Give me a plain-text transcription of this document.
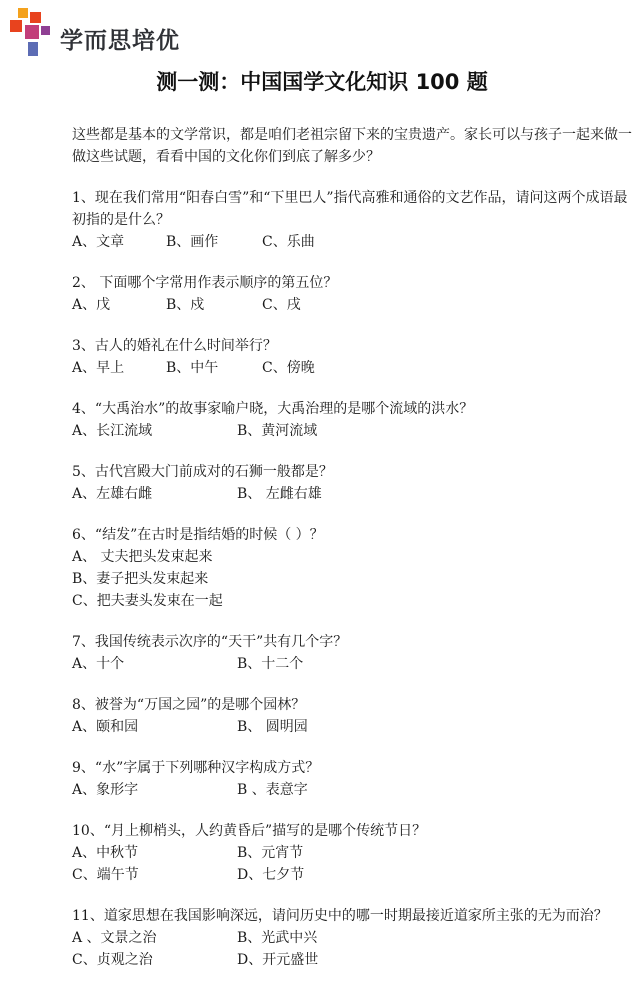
学而思培优
测一测：中国国学文化知识 100 题

这些都是基本的文学常识，都是咱们老祖宗留下来的宝贵遗产。家长可以与孩子一起来做一做这些试题，看看中国的文化你们到底了解多少？

1、现在我们常用“阳春白雪”和“下里巴人”指代高雅和通俗的文艺作品，请问这两个成语最初指的是什么？

A、文章	B、画作	C、乐曲

2、 下面哪个字常用作表示顺序的第五位？

A、戊	B、戍	C、戌

3、古人的婚礼在什么时间举行？

A、早上	B、中午	C、傍晚

4、“大禹治水”的故事家喻户晓，大禹治理的是哪个流域的洪水？

A、长江流域	B、黄河流域

5、古代宫殿大门前成对的石狮一般都是？

A、左雄右雌	B、 左雌右雄

6、“结发”在古时是指结婚的时候（ ）？

A、 丈夫把头发束起来
B、妻子把头发束起来
C、把夫妻头发束在一起

7、我国传统表示次序的“天干”共有几个字？

A、十个	B、十二个

8、被誉为“万国之园”的是哪个园林？

A、颐和园	B、 圆明园

9、“水”字属于下列哪种汉字构成方式？

A、象形字	B 、表意字

10、“月上柳梢头，人约黄昏后”描写的是哪个传统节日？

A、中秋节	B、元宵节
C、端午节	D、七夕节

11、道家思想在我国影响深远，请问历史中的哪一时期最接近道家所主张的无为而治？

A 、文景之治	B、光武中兴
C、贞观之治	D、开元盛世
